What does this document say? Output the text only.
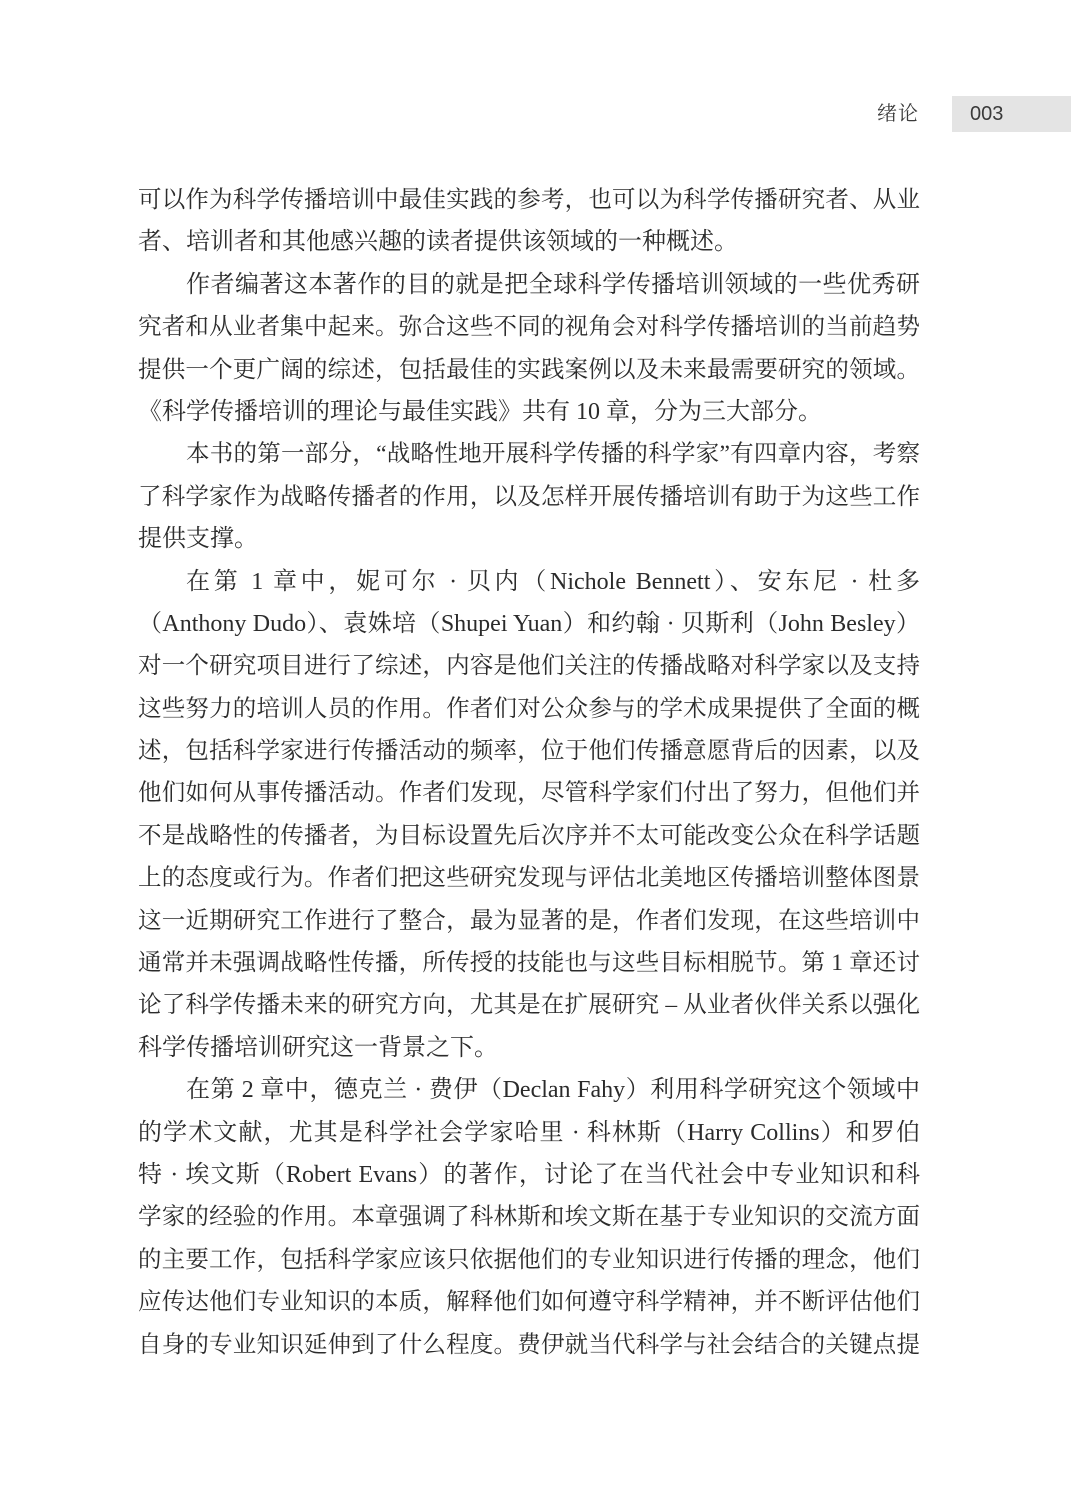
绪论	003
可以作为科学传播培训中最佳实践的参考，也可以为科学传播研究者、从业
者、培训者和其他感兴趣的读者提供该领域的一种概述。
作者编著这本著作的目的就是把全球科学传播培训领域的一些优秀研
究者和从业者集中起来。弥合这些不同的视角会对科学传播培训的当前趋势
提供一个更广阔的综述，包括最佳的实践案例以及未来最需要研究的领域。
《科学传播培训的理论与最佳实践》共有 10 章，分为三大部分。
本书的第一部分，“战略性地开展科学传播的科学家”有四章内容，考察
了科学家作为战略传播者的作用，以及怎样开展传播培训有助于为这些工作
提供支撑。
在第 1 章中，妮可尔 · 贝内（Nichole Bennett）、安东尼 · 杜多
（Anthony Dudo）、袁姝培（Shupei Yuan）和约翰 · 贝斯利（John Besley）
对一个研究项目进行了综述，内容是他们关注的传播战略对科学家以及支持
这些努力的培训人员的作用。作者们对公众参与的学术成果提供了全面的概
述，包括科学家进行传播活动的频率，位于他们传播意愿背后的因素，以及
他们如何从事传播活动。作者们发现，尽管科学家们付出了努力，但他们并
不是战略性的传播者，为目标设置先后次序并不太可能改变公众在科学话题
上的态度或行为。作者们把这些研究发现与评估北美地区传播培训整体图景
这一近期研究工作进行了整合，最为显著的是，作者们发现，在这些培训中
通常并未强调战略性传播，所传授的技能也与这些目标相脱节。第 1 章还讨
论了科学传播未来的研究方向，尤其是在扩展研究 – 从业者伙伴关系以强化
科学传播培训研究这一背景之下。
在第 2 章中，德克兰 · 费伊（Declan Fahy）利用科学研究这个领域中
的学术文献，尤其是科学社会学家哈里 · 科林斯（Harry Collins）和罗伯
特 · 埃文斯（Robert Evans）的著作，讨论了在当代社会中专业知识和科
学家的经验的作用。本章强调了科林斯和埃文斯在基于专业知识的交流方面
的主要工作，包括科学家应该只依据他们的专业知识进行传播的理念，他们
应传达他们专业知识的本质，解释他们如何遵守科学精神，并不断评估他们
自身的专业知识延伸到了什么程度。费伊就当代科学与社会结合的关键点提
